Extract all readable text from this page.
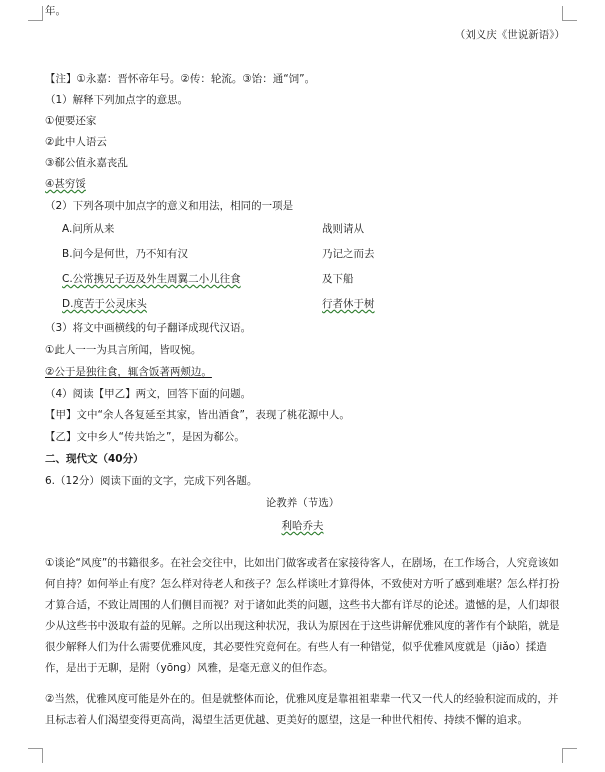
年。
（刘义庆《世说新语》）
【注】①永嘉：晋怀帝年号。②传：轮流。③饴：通“饲”。
（1）解释下列加点字的意思。
①便要还家
②此中人语云
③郗公值永嘉丧乱
④甚穷馁
（2）下列各项中加点字的意义和用法，相同的一项是
A.问所从来	战则请从
B.问今是何世，乃不知有汉	乃记之而去
C.公常携兄子迈及外生周翼二小儿往食	及下船
D.度苦于公灵床头	行者休于树
（3）将文中画横线的句子翻译成现代汉语。
①此人一一为具言所闻，皆叹惋。
②公于是独往食，辄含饭著两颊边。
（4）阅读【甲乙】两文，回答下面的问题。
【甲】文中“余人各复延至其家，皆出酒食”，表现了桃花源中人。
【乙】文中乡人“传共饴之”，是因为郗公。
二、现代文（40分）
6.（12分）阅读下面的文字，完成下列各题。
论教养（节选）
利哈乔夫
①谈论“风度”的书籍很多。在社会交往中，比如出门做客或者在家接待客人，在剧场，在工作场合，人究竟该如何自持？如何举止有度？怎么样对待老人和孩子？怎么样谈吐才算得体，不致使对方听了感到难堪？怎么样打扮才算合适，不致让周围的人们侧目而视？对于诸如此类的问题，这些书大都有详尽的论述。遗憾的是，人们却很少从这些书中汲取有益的见解。之所以出现这种状况，我认为原因在于这些讲解优雅风度的著作有个缺陷，就是很少解释人们为什么需要优雅风度，其必要性究竟何在。有些人有一种错觉，似乎优雅风度就是（jiǎo）揉造作，是出于无聊，是附（yōng）风雅，是毫无意义的但作态。
②当然，优雅风度可能是外在的。但是就整体而论，优雅风度是靠祖祖辈辈一代又一代人的经验积淀而成的，并且标志着人们渴望变得更高尚，渴望生活更优越、更美好的愿望，这是一种世代相传、持续不懈的追求。
